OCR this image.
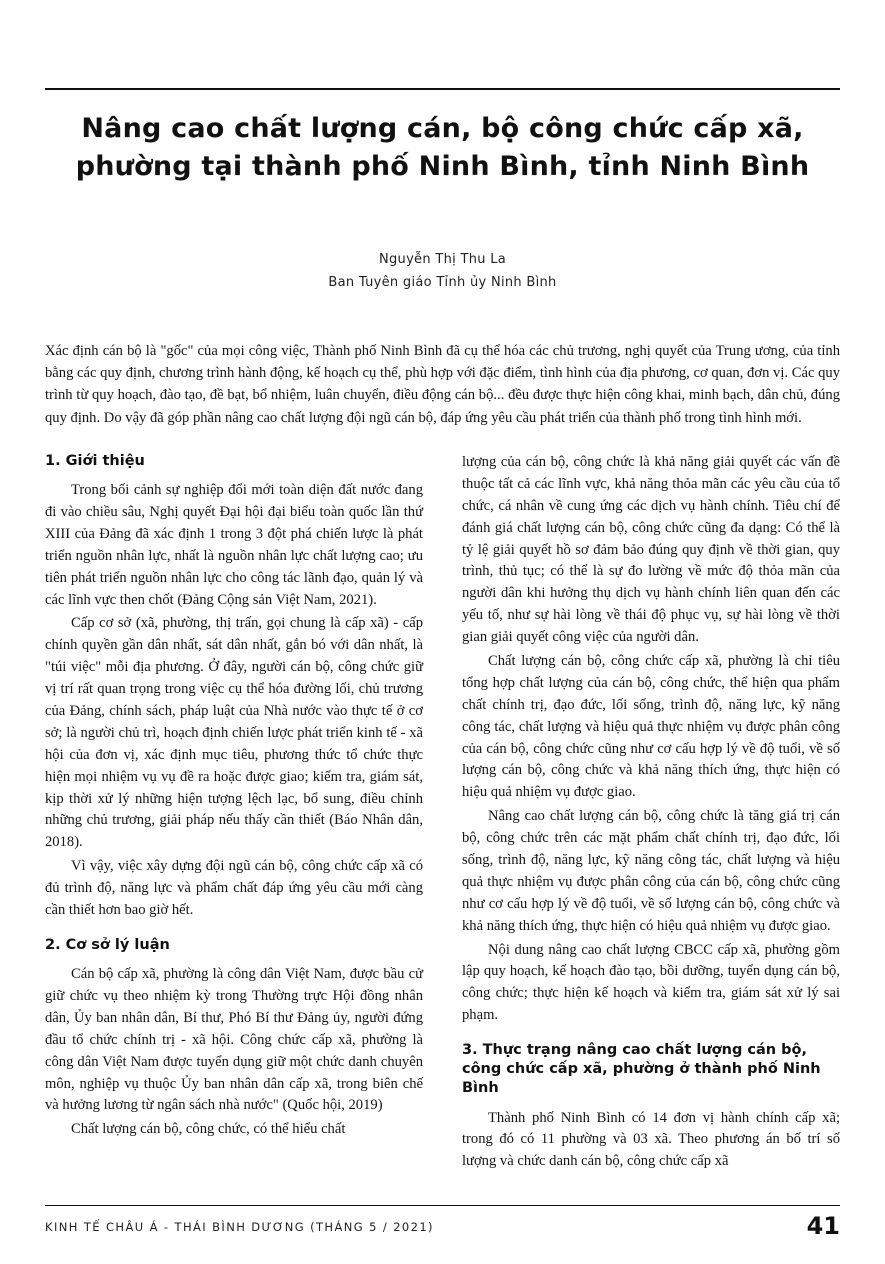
Nâng cao chất lượng cán, bộ công chức cấp xã,
phường tại thành phố Ninh Bình, tỉnh Ninh Bình
Nguyễn Thị Thu La
Ban Tuyên giáo Tỉnh ủy Ninh Bình
Xác định cán bộ là "gốc" của mọi công việc, Thành phố Ninh Bình đã cụ thể hóa các chủ trương, nghị quyết của Trung ương, của tỉnh bằng các quy định, chương trình hành động, kế hoạch cụ thể, phù hợp với đặc điểm, tình hình của địa phương, cơ quan, đơn vị. Các quy trình từ quy hoạch, đào tạo, đề bạt, bổ nhiệm, luân chuyển, điều động cán bộ... đều được thực hiện công khai, minh bạch, dân chủ, đúng quy định. Do vậy đã góp phần nâng cao chất lượng đội ngũ cán bộ, đáp ứng yêu cầu phát triển của thành phố trong tình hình mới.
1. Giới thiệu

Trong bối cảnh sự nghiệp đổi mới toàn diện đất nước đang đi vào chiều sâu, Nghị quyết Đại hội đại biểu toàn quốc lần thứ XIII của Đảng đã xác định 1 trong 3 đột phá chiến lược là phát triển nguồn nhân lực, nhất là nguồn nhân lực chất lượng cao; ưu tiên phát triển nguồn nhân lực cho công tác lãnh đạo, quản lý và các lĩnh vực then chốt (Đảng Cộng sản Việt Nam, 2021).

Cấp cơ sở (xã, phường, thị trấn, gọi chung là cấp xã) - cấp chính quyền gần dân nhất, sát dân nhất, gắn bó với dân nhất, là "túi việc" mỗi địa phương. Ở đây, người cán bộ, công chức giữ vị trí rất quan trọng trong việc cụ thể hóa đường lối, chủ trương của Đảng, chính sách, pháp luật của Nhà nước vào thực tế ở cơ sở; là người chủ trì, hoạch định chiến lược phát triển kinh tế - xã hội của đơn vị, xác định mục tiêu, phương thức tổ chức thực hiện mọi nhiệm vụ vụ đề ra hoặc được giao; kiểm tra, giám sát, kịp thời xử lý những hiện tượng lệch lạc, bổ sung, điều chỉnh những chủ trương, giải pháp nếu thấy cần thiết (Báo Nhân dân, 2018).

Vì vậy, việc xây dựng đội ngũ cán bộ, công chức cấp xã có đủ trình độ, năng lực và phẩm chất đáp ứng yêu cầu mới càng cần thiết hơn bao giờ hết.

2. Cơ sở lý luận

Cán bộ cấp xã, phường là công dân Việt Nam, được bầu cử giữ chức vụ theo nhiệm kỳ trong Thường trực Hội đồng nhân dân, Ủy ban nhân dân, Bí thư, Phó Bí thư Đảng ủy, người đứng đầu tổ chức chính trị - xã hội. Công chức cấp xã, phường là công dân Việt Nam được tuyển dụng giữ một chức danh chuyên môn, nghiệp vụ thuộc Ủy ban nhân dân cấp xã, trong biên chế và hưởng lương từ ngân sách nhà nước" (Quốc hội, 2019)

Chất lượng cán bộ, công chức, có thể hiểu chất

lượng của cán bộ, công chức là khả năng giải quyết các vấn đề thuộc tất cả các lĩnh vực, khả năng thỏa mãn các yêu cầu của tổ chức, cá nhân về cung ứng các dịch vụ hành chính. Tiêu chí để đánh giá chất lượng cán bộ, công chức cũng đa dạng: Có thể là tỷ lệ giải quyết hồ sơ đảm bảo đúng quy định về thời gian, quy trình, thủ tục; có thể là sự đo lường về mức độ thỏa mãn của người dân khi hưởng thụ dịch vụ hành chính liên quan đến các yếu tố, như sự hài lòng về thái độ phục vụ, sự hài lòng về thời gian giải quyết công việc của người dân.

Chất lượng cán bộ, công chức cấp xã, phường là chỉ tiêu tổng hợp chất lượng của cán bộ, công chức, thể hiện qua phẩm chất chính trị, đạo đức, lối sống, trình độ, năng lực, kỹ năng công tác, chất lượng và hiệu quả thực nhiệm vụ được phân công của cán bộ, công chức cũng như cơ cấu hợp lý về độ tuổi, về số lượng cán bộ, công chức và khả năng thích ứng, thực hiện có hiệu quả nhiệm vụ được giao.

Nâng cao chất lượng cán bộ, công chức là tăng giá trị cán bộ, công chức trên các mặt phẩm chất chính trị, đạo đức, lối sống, trình độ, năng lực, kỹ năng công tác, chất lượng và hiệu quả thực nhiệm vụ được phân công của cán bộ, công chức cũng như cơ cấu hợp lý về độ tuổi, về số lượng cán bộ, công chức và khả năng thích ứng, thực hiện có hiệu quả nhiệm vụ được giao.

Nội dung nâng cao chất lượng CBCC cấp xã, phường gồm lập quy hoạch, kế hoạch đào tạo, bồi dưỡng, tuyển dụng cán bộ, công chức; thực hiện kế hoạch và kiểm tra, giám sát xử lý sai phạm.

3. Thực trạng nâng cao chất lượng cán bộ, công chức cấp xã, phường ở thành phố Ninh Bình

Thành phố Ninh Bình có 14 đơn vị hành chính cấp xã; trong đó có 11 phường và 03 xã. Theo phương án bố trí số lượng và chức danh cán bộ, công chức cấp xã

KINH TẾ CHÂU Á - THÁI BÌNH DƯƠNG (THÁNG 5 / 2021)	41
